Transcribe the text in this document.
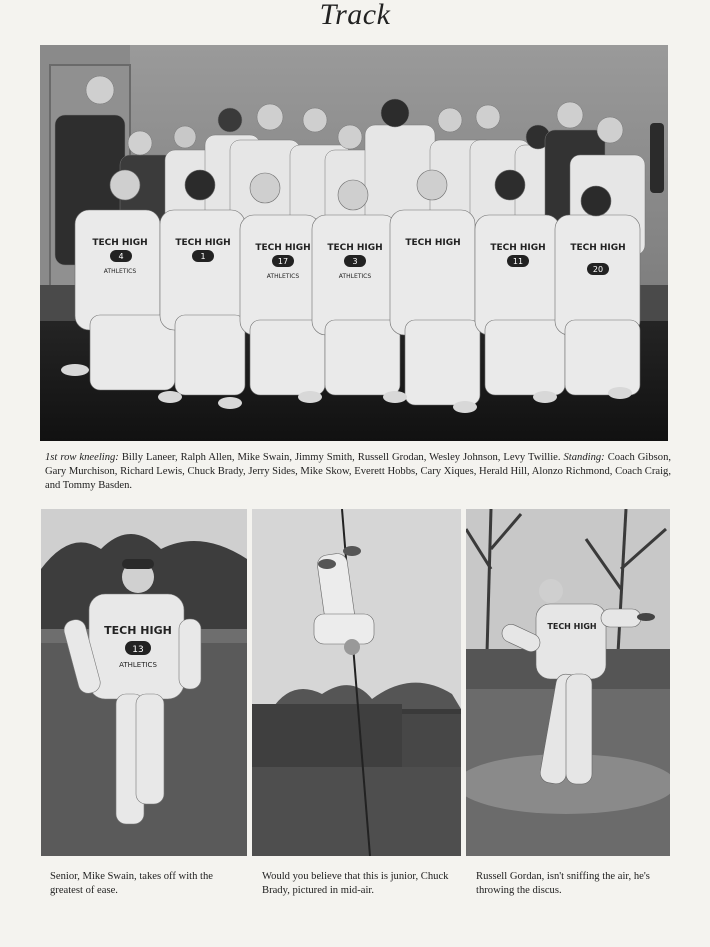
Track
TECH HIGH	TECH HIGH	TECH HIGH TECH HIGH	TECH HIGH	TECH HIGH	TECH HIGH
4	1
17	3	11
20
ATHLETICS
ATHLETICS	ATHLETICS
1st row kneeling: Billy Laneer, Ralph Allen, Mike Swain, Jimmy Smith, Russell Grodan, Wesley Johnson, Levy Twillie. Standing: Coach Gibson, Gary Murchison, Richard Lewis, Chuck Brady, Jerry Sides, Mike Skow, Everett Hobbs, Cary Xiques, Herald Hill, Alonzo Richmond, Coach Craig, and Tommy Basden.
TECH HIGH
13
ATHLETICS
TECH HIGH
Senior, Mike Swain, takes off with the greatest of ease.
Would you believe that this is junior, Chuck Brady, pictured in mid-air.
Russell Gordan, isn't sniffing the air, he's throwing the discus.
